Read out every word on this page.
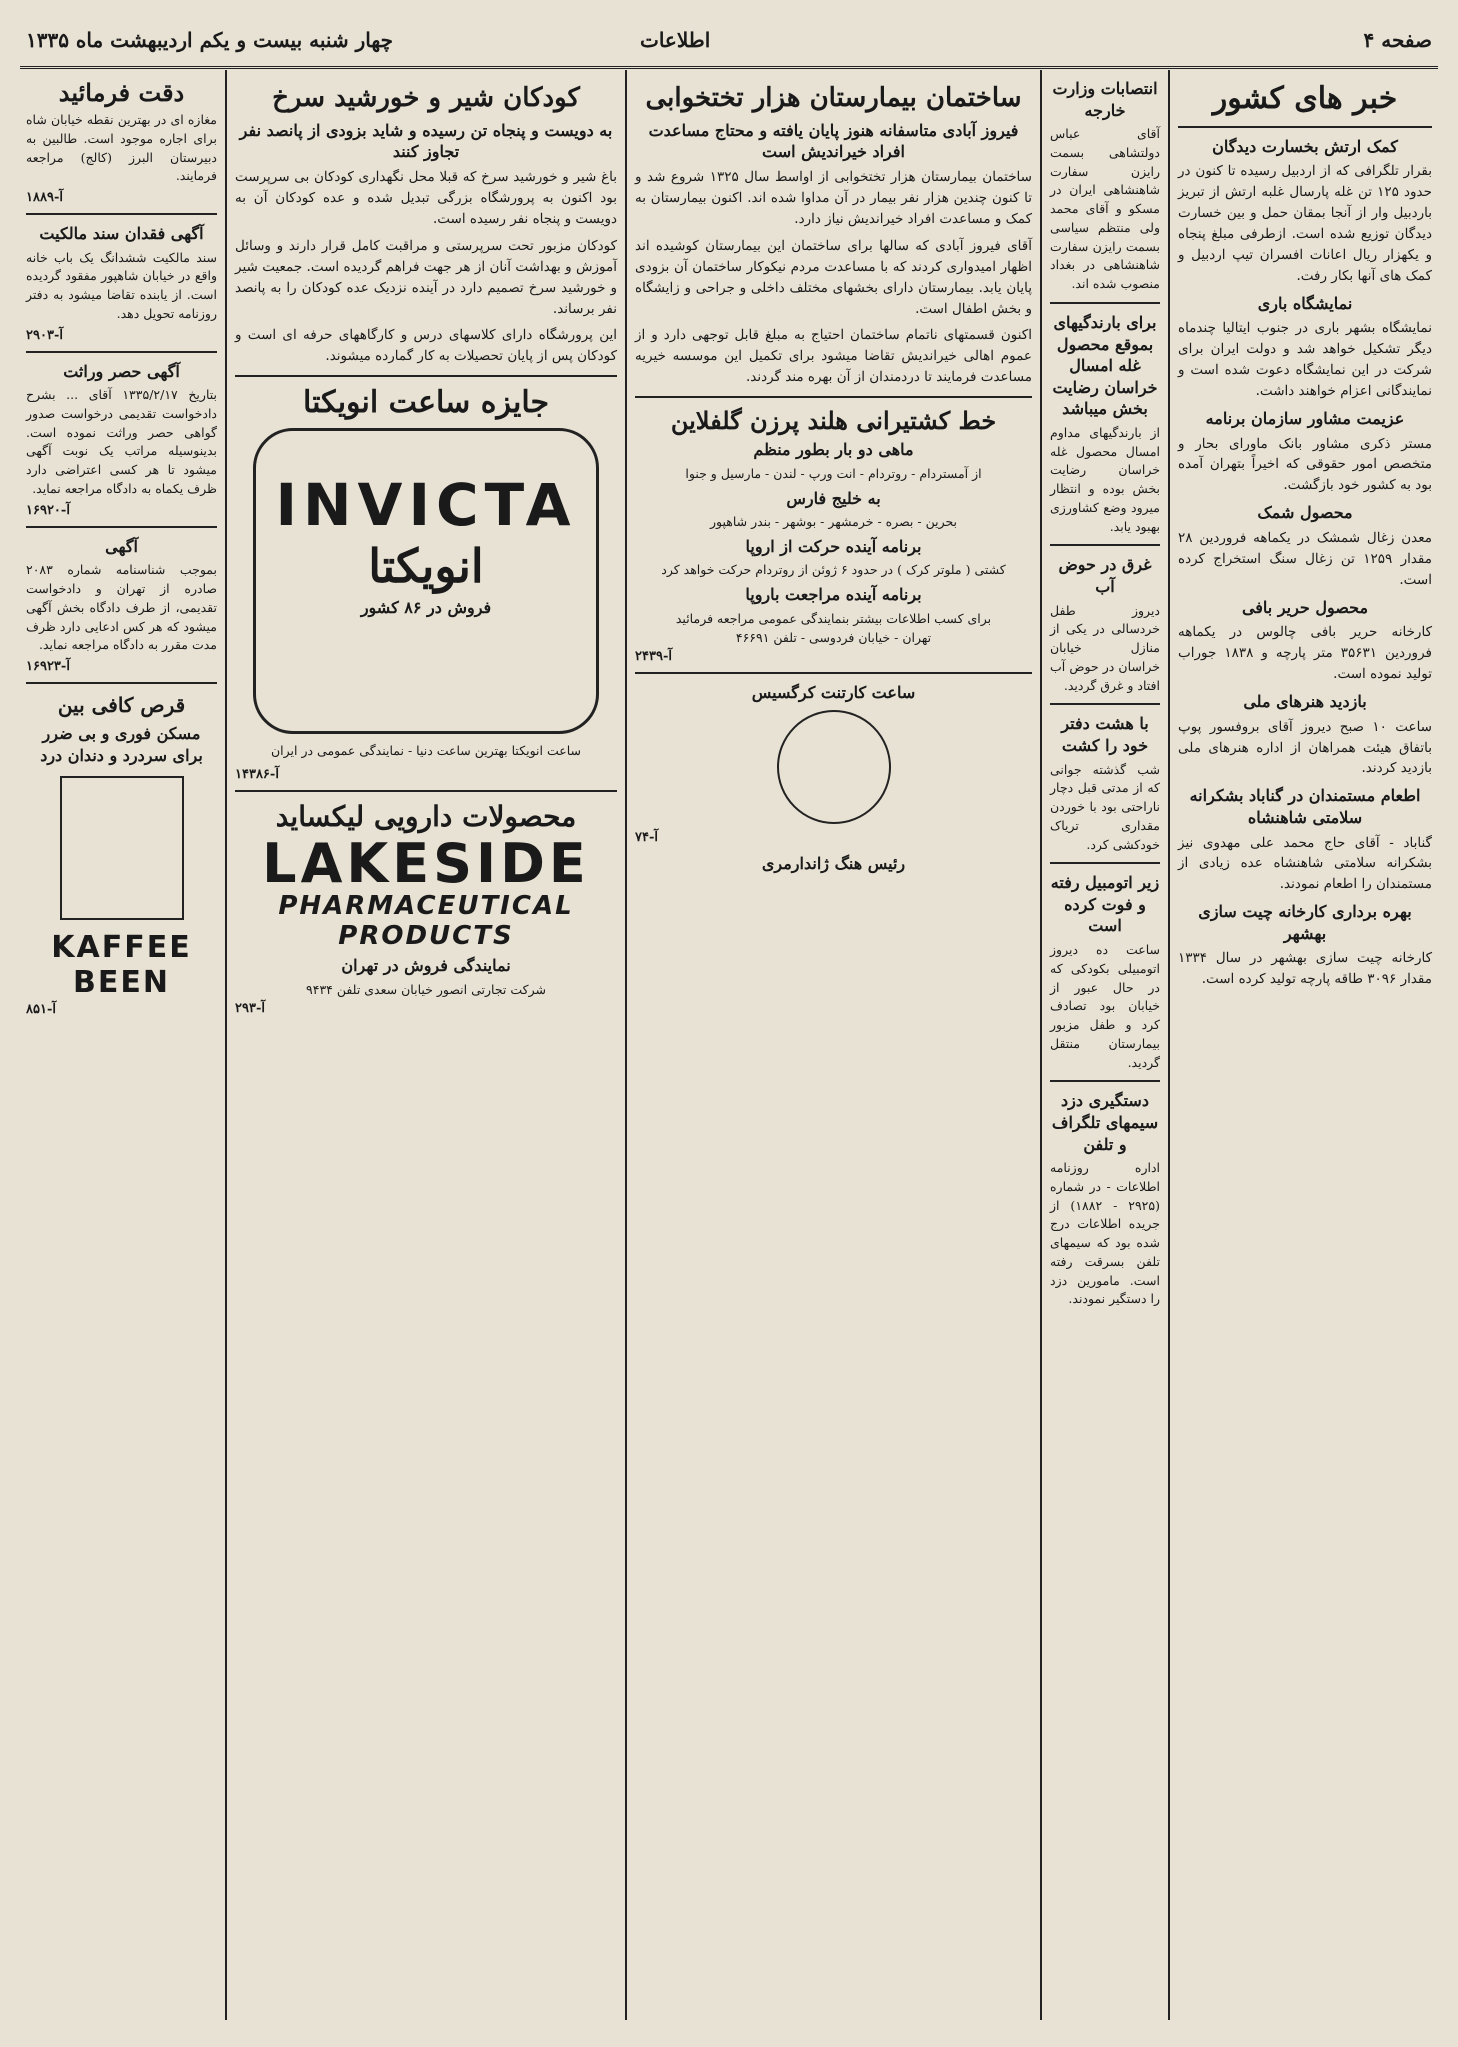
صفحه ۴
اطلاعات
چهار شنبه بیست و یکم اردیبهشت ماه ۱۳۳۵
خبر های کشور
کمک ارتش بخسارت دیدگان

بقرار تلگرافی که از اردبیل رسیده تا کنون در حدود ۱۲۵ تن غله پارسال غلبه ارتش از تبریز باردبیل وار از آنجا بمقان حمل و بین خسارت دیدگان توزیع شده است. ازطرفی مبلغ پنجاه و یکهزار ریال اعانات افسران تیپ اردبیل و کمک های آنها بکار رفت.

نمایشگاه باری

نمایشگاه بشهر باری در جنوب ایتالیا چندماه دیگر تشکیل خواهد شد و دولت ایران برای شرکت در این نمایشگاه دعوت شده است و نمایندگانی اعزام خواهند داشت.

عزیمت مشاور سازمان برنامه

مستر ذکری مشاور بانک ماورای بحار و متخصص امور حقوقی که اخیراً بتهران آمده بود به کشور خود بازگشت.

محصول شمک

معدن زغال شمشک در یکماهه فروردین ۲۸ مقدار ۱۲۵۹ تن زغال سنگ استخراج کرده است.

محصول حریر بافی

کارخانه حریر بافی چالوس در یکماهه فروردین ۳۵۶۳۱ متر پارچه و ۱۸۳۸ جوراب تولید نموده است.

بازدید هنرهای ملی

ساعت ۱۰ صبح دیروز آقای بروفسور پوپ باتفاق هیئت همراهان از اداره هنرهای ملی بازدید کردند.

اطعام مستمندان در گناباد بشکرانه سلامتی شاهنشاه

گناباد - آقای حاج محمد علی مهدوی نیز بشکرانه سلامتی شاهنشاه عده زیادی از مستمندان را اطعام نمودند.

بهره برداری کارخانه چیت سازی بهشهر

کارخانه چیت سازی بهشهر در سال ۱۳۳۴ مقدار ۳۰۹۶ طاقه پارچه تولید کرده است.

انتصابات وزارت خارجه

آقای عباس دولتشاهی بسمت رایزن سفارت شاهنشاهی ایران در مسکو و آقای محمد ولی منتظم سیاسی بسمت رایزن سفارت شاهنشاهی در بغداد منصوب شده اند.

برای بارندگیهای بموقع محصول غله امسال خراسان رضایت بخش میباشد

از بارندگیهای مداوم امسال محصول غله خراسان رضایت بخش بوده و انتظار میرود وضع کشاورزی بهبود یابد.

غرق در حوض آب

دیروز طفل خردسالی در یکی از منازل خیابان خراسان در حوض آب افتاد و غرق گردید.

با هشت دفتر خود را کشت

شب گذشته جوانی که از مدتی قبل دچار ناراحتی بود با خوردن مقداری تریاک خودکشی کرد.

زیر اتومبیل رفته و فوت کرده است

ساعت ده دیروز اتومبیلی بکودکی که در حال عبور از خیابان بود تصادف کرد و طفل مزبور بیمارستان منتقل گردید.

دستگیری دزد سیمهای تلگراف و تلفن

اداره روزنامه اطلاعات - در شماره (۲۹۲۵ - ۱۸۸۲) از جریده اطلاعات درج شده بود که سیمهای تلفن بسرقت رفته است. مامورین دزد را دستگیر نمودند.

ساختمان بیمارستان هزار تختخوابی
فیروز آبادی متاسفانه هنوز پایان یافته و محتاج مساعدت افراد خیراندیش است

ساختمان بیمارستان هزار تختخوابی از اواسط سال ۱۳۲۵ شروع شد و تا کنون چندین هزار نفر بیمار در آن مداوا شده اند. اکنون بیمارستان به کمک و مساعدت افراد خیراندیش نیاز دارد.

آقای فیروز آبادی که سالها برای ساختمان این بیمارستان کوشیده اند اظهار امیدواری کردند که با مساعدت مردم نیکوکار ساختمان آن بزودی پایان یابد. بیمارستان دارای بخشهای مختلف داخلی و جراحی و زایشگاه و بخش اطفال است.

اکنون قسمتهای ناتمام ساختمان احتیاج به مبلغ قابل توجهی دارد و از عموم اهالی خیراندیش تقاضا میشود برای تکمیل این موسسه خیریه مساعدت فرمایند تا دردمندان از آن بهره مند گردند.

خط کشتیرانی هلند پرزن گلفلاین
ماهی دو بار بطور منظم
از آمستردام - روتردام - انت ورپ - لندن - مارسیل و جنوا
به خلیج فارس
بحرین - بصره - خرمشهر - بوشهر - بندر شاهپور
برنامه آینده حرکت از اروپا
کشتی ( ملوتر کرک ) در حدود ۶ ژوئن از روتردام حرکت خواهد کرد
برنامه آینده مراجعت باروپا
برای کسب اطلاعات بیشتر بنمایندگی عمومی مراجعه فرمائید
تهران - خیابان فردوسی - تلفن ۴۶۶۹۱
آ-۲۴۳۹
ساعت کارتنت کرگسیس
آ-۷۴
رئیس هنگ ژاندارمری
کودکان شیر و خورشید سرخ
به دویست و پنجاه تن رسیده و شاید بزودی از پانصد نفر تجاوز کنند

باغ شیر و خورشید سرخ که قبلا محل نگهداری کودکان بی سرپرست بود اکنون به پرورشگاه بزرگی تبدیل شده و عده کودکان آن به دویست و پنجاه نفر رسیده است.

کودکان مزبور تحت سرپرستی و مراقبت کامل قرار دارند و وسائل آموزش و بهداشت آنان از هر جهت فراهم گردیده است. جمعیت شیر و خورشید سرخ تصمیم دارد در آینده نزدیک عده کودکان را به پانصد نفر برساند.

این پرورشگاه دارای کلاسهای درس و کارگاههای حرفه ای است و کودکان پس از پایان تحصیلات به کار گمارده میشوند.

جایزه ساعت انویکتا
INVICTA
انویکتا
فروش در ۸۶ کشور

ساعت انویکتا بهترین ساعت دنیا - نمایندگی عمومی در ایران

آ-۱۴۳۸۶
محصولات دارویی لیکساید
LAKESIDE
PHARMACEUTICAL PRODUCTS
نمایندگی فروش در تهران
شرکت تجارتی انصور خیابان سعدی تلفن ۹۴۳۴
آ-۲۹۳
دقت فرمائید

مغازه ای در بهترین نقطه خیابان شاه برای اجاره موجود است. طالبین به دبیرستان البرز (کالج) مراجعه فرمایند.

آ-۱۸۸۹
آگهی فقدان سند مالکیت

سند مالکیت ششدانگ یک باب خانه واقع در خیابان شاهپور مفقود گردیده است. از یابنده تقاضا میشود به دفتر روزنامه تحویل دهد.

آ-۲۹۰۳
آگهی حصر وراثت

بتاریخ ۱۳۳۵/۲/۱۷ آقای ... بشرح دادخواست تقدیمی درخواست صدور گواهی حصر وراثت نموده است. بدینوسیله مراتب یک نوبت آگهی میشود تا هر کسی اعتراضی دارد ظرف یکماه به دادگاه مراجعه نماید.

آ-۱۶۹۲۰
آگهی

بموجب شناسنامه شماره ۲۰۸۳ صادره از تهران و دادخواست تقدیمی، از طرف دادگاه بخش آگهی میشود که هر کس ادعایی دارد ظرف مدت مقرر به دادگاه مراجعه نماید.

آ-۱۶۹۲۳
قرص کافی بین
مسکن فوری و بی ضرر برای سردرد و دندان درد
KAFFEE BEEN
آ-۸۵۱
